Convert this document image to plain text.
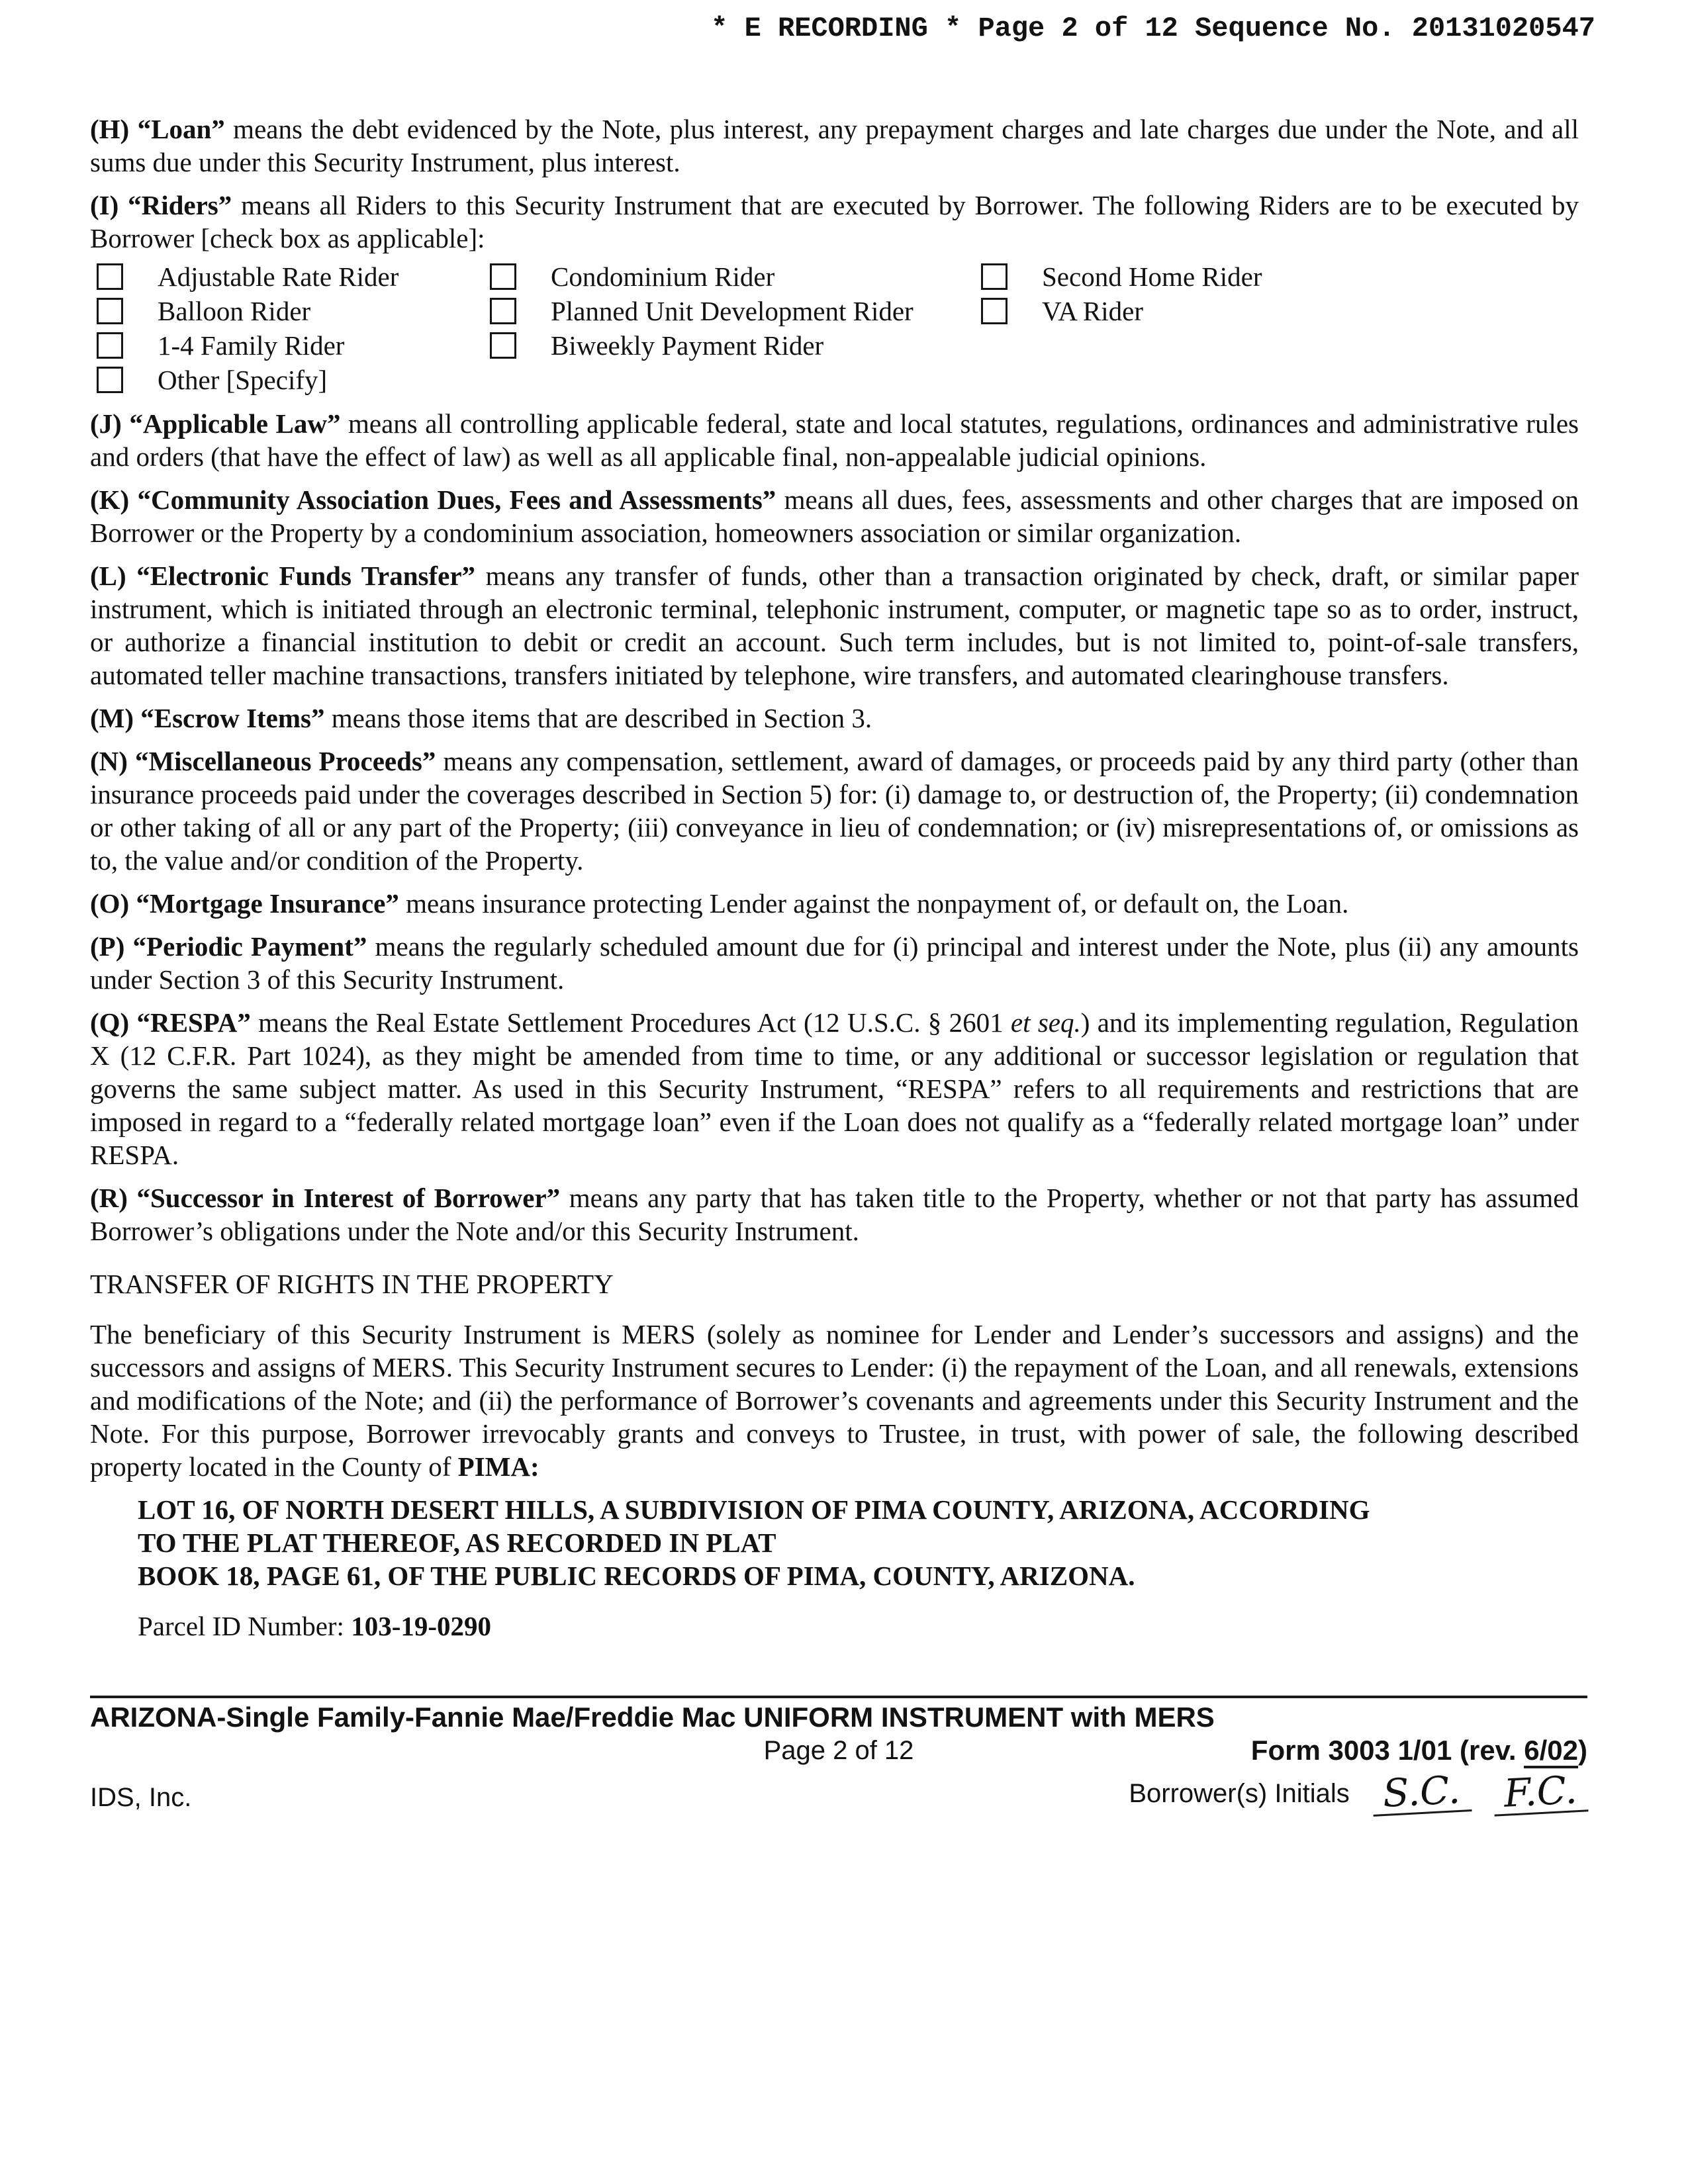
* E RECORDING * Page 2 of 12 Sequence No. 20131020547

(H) “Loan” means the debt evidenced by the Note, plus interest, any prepayment charges and late charges due under the Note, and all sums due under this Security Instrument, plus interest.

(I) “Riders” means all Riders to this Security Instrument that are executed by Borrower. The following Riders are to be executed by Borrower [check box as applicable]:

Adjustable Rate Rider	Condominium Rider	Second Home Rider
Balloon Rider	Planned Unit Development Rider	VA Rider
1-4 Family Rider	Biweekly Payment Rider
Other [Specify]

(J) “Applicable Law” means all controlling applicable federal, state and local statutes, regulations, ordinances and administrative rules and orders (that have the effect of law) as well as all applicable final, non-appealable judicial opinions.

(K) “Community Association Dues, Fees and Assessments” means all dues, fees, assessments and other charges that are imposed on Borrower or the Property by a condominium association, homeowners association or similar organization.

(L) “Electronic Funds Transfer” means any transfer of funds, other than a transaction originated by check, draft, or similar paper instrument, which is initiated through an electronic terminal, telephonic instrument, computer, or magnetic tape so as to order, instruct, or authorize a financial institution to debit or credit an account. Such term includes, but is not limited to, point-of-sale transfers, automated teller machine transactions, transfers initiated by telephone, wire transfers, and automated clearinghouse transfers.

(M) “Escrow Items” means those items that are described in Section 3.

(N) “Miscellaneous Proceeds” means any compensation, settlement, award of damages, or proceeds paid by any third party (other than insurance proceeds paid under the coverages described in Section 5) for: (i) damage to, or destruction of, the Property; (ii) condemnation or other taking of all or any part of the Property; (iii) conveyance in lieu of condemnation; or (iv) misrepresentations of, or omissions as to, the value and/or condition of the Property.

(O) “Mortgage Insurance” means insurance protecting Lender against the nonpayment of, or default on, the Loan.

(P) “Periodic Payment” means the regularly scheduled amount due for (i) principal and interest under the Note, plus (ii) any amounts under Section 3 of this Security Instrument.

(Q) “RESPA” means the Real Estate Settlement Procedures Act (12 U.S.C. § 2601 et seq.) and its implementing regulation, Regulation X (12 C.F.R. Part 1024), as they might be amended from time to time, or any additional or successor legislation or regulation that governs the same subject matter. As used in this Security Instrument, “RESPA” refers to all requirements and restrictions that are imposed in regard to a “federally related mortgage loan” even if the Loan does not qualify as a “federally related mortgage loan” under RESPA.

(R) “Successor in Interest of Borrower” means any party that has taken title to the Property, whether or not that party has assumed Borrower’s obligations under the Note and/or this Security Instrument.

TRANSFER OF RIGHTS IN THE PROPERTY

The beneficiary of this Security Instrument is MERS (solely as nominee for Lender and Lender’s successors and assigns) and the successors and assigns of MERS. This Security Instrument secures to Lender: (i) the repayment of the Loan, and all renewals, extensions and modifications of the Note; and (ii) the performance of Borrower’s covenants and agreements under this Security Instrument and the Note. For this purpose, Borrower irrevocably grants and conveys to Trustee, in trust, with power of sale, the following described property located in the County of PIMA:

LOT 16, OF NORTH DESERT HILLS, A SUBDIVISION OF PIMA COUNTY, ARIZONA, ACCORDING
TO THE PLAT THEREOF, AS RECORDED IN PLAT
BOOK 18, PAGE 61, OF THE PUBLIC RECORDS OF PIMA, COUNTY, ARIZONA.
Parcel ID Number: 103-19-0290
ARIZONA-Single Family-Fannie Mae/Freddie Mac UNIFORM INSTRUMENT with MERS
Page 2 of 12	Form 3003 1/01 (rev. 6/02)
IDS, Inc.	Borrower(s) Initials S.C. F.C.
